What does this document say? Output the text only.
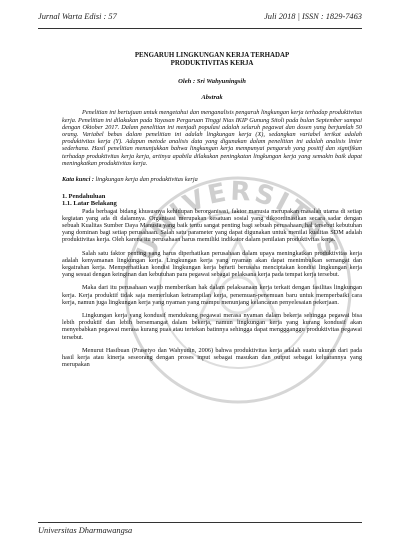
Jurnal Warta Edisi : 57	Juli 2018 | ISSN : 1829-7463
UNIVERSITAS
PENGARUH LINGKUNGAN KERJA TERHADAP
PRODUKTIVITAS KERJA
Oleh : Sri Wahyuningsih
Abstrak
Penelitian ini bertujuan untuk mengetahui dan menganalisis pengaruh lingkungan kerja terhadap produktivitas kerja. Penelitian ini dilakukan pada Yayasan Perguruan Tinggi Nias IKIP Gunung Sitoli pada bulan September sampai dengan Oktober 2017. Dalam penelitian ini menjadi populasi adalah seluruh pegawai dan dosen yang berjumlah 50 orang. Variabel bebas dalam penelitian ini adalah lingkungan kerja (X), sedangkan variabel terikat adalah produktivitas kerja (Y). Adapun metode analisis data yang digunakan dalam penelitian ini adalah analisis linier sederhana. Hasil penelitian menunjukkan bahwa lingkungan kerja mempunyai pengaruh yang positif dan signifikan terhadap produktivitas kerja kerja, artinya apabila dilakukan peningkatan lingkungan kerja yang semakin baik dapat meningkatkan produktivitas kerja.
Kata kunci : lingkungan kerja dan produktivitas kerja
1. Pendahuluan
1.1. Latar Belakang
Pada berbagai bidang khususnya kehidupan berorganisasi, faktor manusia merupakan masalah utama di setiap kegiatan yang ada di dalamnya. Organisasi merupakan kesatuan sosial yang dikoordinasikan secara sadar dengan sebuah Kualitas Sumber Daya Manusia yang baik tentu sangat penting bagi sebuah perusahaan, hal tersebut kebutuhan yang dominan bagi setiap perusahaan. Salah satu parameter yang dapat digunakan untuk menilai kualitas SDM adalah produktivitas kerja. Oleh karena itu perusahaan harus memiliki indikator dalam penilaian produktivitas kerja.
Salah satu faktor penting yang harus diperhatikan perusahaan dalam upaya meningkatkan produktivitas kerja adalah kenyamanan lingkungan kerja. Lingkungan kerja yang nyaman akan dapat menimbulkan semangat dan kegairahan kerja. Memperhatikan kondisi lingkungan kerja berarti berusaha menciptakan kondisi lingkungan kerja yang sesuai dengan keinginan dan kebutuhan para pegawai sebagai pelaksana kerja pada tempat kerja tersebut.
Maka dari itu perusahaan wajib memberikan hak dalam pelaksanaan kerja terkait dengan fasilitas lingkungan kerja. Kerja produktif tidak saja memerlukan ketrampilan kerja, penemuan-penemuan baru untuk memperbaiki cara kerja, namun juga lingkungan kerja yang nyaman yang mampu menunjang kelancaran penyelesaian pekerjaan.
Lingkungan kerja yang kondusif mendukung pegawai merasa nyaman dalam bekerja sehingga pegawai bisa lebih produktif dan lebih bersemangat dalam bekerja, namun lingkungan kerja yang kurang kondusif akan menyebabkan pegawai merasa kurang puas atau tertekan batinnya sehingga dapat menggganggu produktivitas pegawai tersebut.
Menurut Hasibuan (Prasetyo dan Wahyudin, 2006) bahwa produktivitas kerja adalah suatu ukuran dari pada hasil kerja atau kinerja seseorang dengan proses input sebagai masukan dan output sebagai keluarannya yang merupakan
Universitas Dharmawangsa
